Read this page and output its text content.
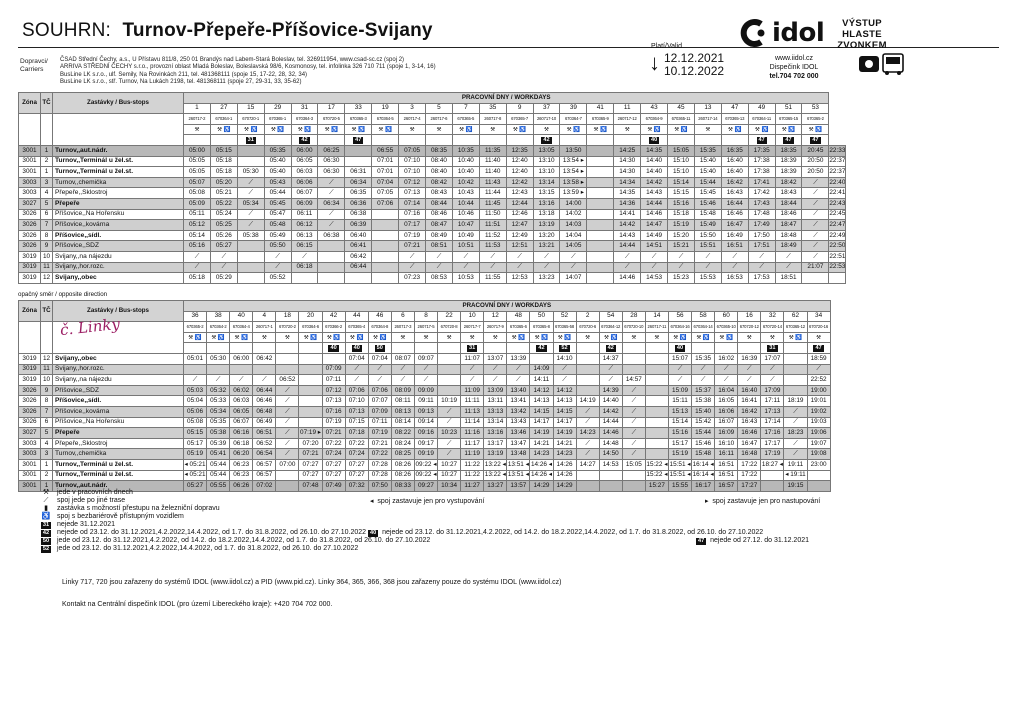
SOUHRN: Turnov-Přepeře-Příšovice-Svijany
Dopravci/ Carriers
ČSAD Střední Čechy, a.s., U Přístavu 811/8, 250 01 Brandýs nad Labem-Stará Boleslav, tel. 326911954, www.csad-sc.cz (spoj 2)
ARRIVA STŘEDNÍ ČECHY s.r.o., provozní oblast Mladá Boleslav, Boleslavská 98/6, Kosmonosy, tel. infolinka 326 710 711 (spoje 1, 3-14, 16)
BusLine LK s.r.o., ulf. Semily, Na Rovinkách 211, tel. 481368111 (spoje 15, 17-22, 28, 32, 34)
BusLine LK s.r.o., stř. Turnov, Na Lukách 2198, tel. 481368111 (spoje 27, 29-31, 33, 35-62)
Platí/Valid
↓ 12.12.2021
10.12.2022
idol
www.iidol.cz
Dispečink IDOL
tel.704 702 000
VÝSTUP HLASTE
ZVONKEM
Zóna	TČ	Zastávky / Bus-stops	PRACOVNÍ DNY / WORKDAYS																								
			1	27	15	29	31	17	33	19	3	5	7	35	9	37	39	41	11	43	45	13	47	49	51	53	
			260717-2	670364-1	670720-1	670365-1	670364-3	670720-5	670365-3	670364-5	260717-4	260717-6	670365-5	260717-8	670365-7	260717-10	670364-7	670365-9	260717-12	670364-9	670365-11	260717-14	670365-13	670364-11	670365-15	670365-2	
			⚒	⚒ ♿	⚒ ♿	⚒ ♿	⚒ ♿	⚒ ♿	⚒ ♿	⚒ ♿	⚒	⚒	⚒ ♿	⚒	⚒ ♿	⚒	⚒ ♿	⚒ ♿	⚒	⚒ ♿	⚒ ♿	⚒	⚒ ♿	⚒ ♿	⚒ ♿	⚒ ♿	
					31		42		47							42				40				47	47	47	
3001	1	Turnov,,aut.nádr.	05:00	05:15		05:35	06:00	06:25		06:55	07:05	08:35	10:35	11:35	12:35	13:05	13:50		14:25	14:35	15:05	15:35	16:35	17:35	18:35	20:45	22:33
3001	2	Turnov,,Terminál u žel.st.	05:05	05:18		05:40	06:05	06:30		07:01	07:10	08:40	10:40	11:40	12:40	13:10	13:54 ▸		14:30	14:40	15:10	15:40	16:40	17:38	18:39	20:50	22:37
3001	1	Turnov,,Terminál u žel.st.	05:05	05:18	05:30	05:40	06:03	06:30	06:31	07:01	07:10	08:40	10:40	11:40	12:40	13:10	13:54 ▸		14:30	14:40	15:10	15:40	16:40	17:38	18:39	20:50	22:37
3003	3	Turnov,,chemička	05:07	05:20	⟋	05:43	06:06	⟋	06:34	07:04	07:12	08:42	10:42	11:43	12:42	13:14	13:58 ▸		14:34	14:42	15:14	15:44	16:42	17:41	18:42	⟋	22:40
3003	4	Přepeře,,Sklostroj	05:08	05:21	⟋	05:44	06:07	⟋	06:35	07:05	07:13	08:43	10:43	11:44	12:43	13:15	13:59 ▸		14:35	14:43	15:15	15:45	16:43	17:42	18:43	⟋	22:41
3027	5	Přepeře	05:09	05:22	05:34	05:45	06:09	06:34	06:36	07:06	07:14	08:44	10:44	11:45	12:44	13:16	14:00		14:36	14:44	15:16	15:46	16:44	17:43	18:44	⟋	22:43
3026	6	Příšovice,,Na Hořensku	05:11	05:24	⟋	05:47	06:11	⟋	06:38		07:16	08:46	10:46	11:50	12:46	13:18	14:02		14:41	14:46	15:18	15:48	16:46	17:48	18:46	⟋	22:45
3026	7	Příšovice,,kovárna	05:12	05:25	⟋	05:48	06:12	⟋	06:39		07:17	08:47	10:47	11:51	12:47	13:19	14:03		14:42	14:47	15:19	15:49	16:47	17:49	18:47	⟋	22:47
3026	8	Příšovice,,sídl.	05:14	05:26	05:38	05:49	06:13	06:38	06:40		07:19	08:49	10:49	11:52	12:49	13:20	14:04		14:43	14:49	15:20	15:50	16:49	17:50	18:48	⟋	22:49
3026	9	Příšovice,,SDZ	05:16	05:27		05:50	06:15		06:41		07:21	08:51	10:51	11:53	12:51	13:21	14:05		14:44	14:51	15:21	15:51	16:51	17:51	18:49	⟋	22:50
3019	10	Svijany,,na nájezdu	⟋	⟋		⟋	⟋		06:42		⟋	⟋	⟋	⟋	⟋	⟋	⟋		⟋	⟋	⟋	⟋	⟋	⟋	⟋	⟋	22:51
3019	11	Svijany,,hor.rozc.	⟋	⟋		⟋	06:18		06:44		⟋	⟋	⟋	⟋	⟋	⟋	⟋		⟋	⟋	⟋	⟋	⟋	⟋	⟋	21:07	22:53
3019	12	Svijany,,obec	05:18	05:29		05:52					07:23	08:53	10:53	11:55	12:53	13:23	14:07		14:46	14:53	15:23	15:53	16:53	17:53	18:51		
opačný směr / opposite direction
Zóna	TČ	Zastávky / Bus-stops	PRACOVNÍ DNY / WORKDAYS																											
			36	38	40	4	18	20	42	44	46	6	8	22	10	12	48	50	52	2	54	28	14	56	58	60	16	32	62	34
			670365-2	670364-2	670364-4	260717-1	670720-2	670364-6	670366-2	670365-4	670364-8	260717-3	260717-5	670720-8	260717-7	260717-9	670365-6	670365-8	670365-58	670720-6	670364-12	670720-10	260717-11	670364-16	670364-14	670365-10	670720-12	670720-14	670365-12	670720-16
			⚒ ♿	⚒ ♿	⚒ ♿	⚒	⚒	⚒ ♿	⚒ ♿	⚒ ♿	⚒ ♿	⚒	⚒	⚒	⚒	⚒	⚒ ♿	⚒ ♿	⚒ ♿	⚒	⚒ ♿	⚒	⚒	⚒ ♿	⚒ ♿	⚒ ♿	⚒	⚒	⚒ ♿	⚒
									40	40	50				31			42	52		42			40				31		47
3019	12	Svijany,,obec	05:01	05:30	06:00	06:42				07:04	07:04	08:07	09:07		11:07	13:07	13:39		14:10		14:37			15:07	15:35	16:02	16:39	17:07		18:59
3019	11	Svijany,,hor.rozc.							07:09	⟋	⟋	⟋	⟋		⟋	⟋	⟋	14:09	⟋		⟋			⟋	⟋	⟋	⟋	⟋		⟋
3019	10	Svijany,,na nájezdu	⟋	⟋	⟋	⟋	06:52		07:11	⟋	⟋	⟋	⟋		⟋	⟋	⟋	14:11	⟋		⟋	14:57		⟋	⟋	⟋	⟋	⟋		22:52
3026	9	Příšovice,,SDZ	05:03	05:32	06:02	06:44	⟋		07:12	07:06	07:06	08:09	09:09		11:09	13:09	13:40	14:12	14:12		14:39	⟋		15:09	15:37	16:04	16:40	17:09		19:00
3026	8	Příšovice,,sídl.	05:04	05:33	06:03	06:46	⟋		07:13	07:10	07:07	08:11	09:11	10:19	11:11	13:11	13:41	14:13	14:13	14:19	14:40	⟋		15:11	15:38	16:05	16:41	17:11	18:19	19:01
3026	7	Příšovice,,kovárna	05:06	05:34	06:05	06:48	⟋		07:16	07:13	07:09	08:13	09:13	⟋	11:13	13:13	13:42	14:15	14:15	⟋	14:42	⟋		15:13	15:40	16:06	16:42	17:13	⟋	19:02
3026	6	Příšovice,,Na Hořensku	05:08	05:35	06:07	06:49	⟋		07:19	07:15	07:11	08:14	09:14	⟋	11:14	13:14	13:43	14:17	14:17	⟋	14:44	⟋		15:14	15:42	16:07	16:43	17:14	⟋	19:03
3027	5	Přepeře	05:15	05:38	06:16	06:51	⟋	07:19 ▸	07:21	07:18	07:19	08:22	09:16	10:23	11:16	13:16	13:46	14:19	14:19	14:23	14:46	⟋		15:16	15:44	16:09	16:46	17:16	18:23	19:06
3003	4	Přepeře,,Sklostroj	05:17	05:39	06:18	06:52	⟋	07:20	07:22	07:22	07:21	08:24	09:17	⟋	11:17	13:17	13:47	14:21	14:21	⟋	14:48	⟋		15:17	15:46	16:10	16:47	17:17	⟋	19:07
3003	3	Turnov,,chemička	05:19	05:41	06:20	06:54	⟋	07:21	07:24	07:24	07:22	08:25	09:19	⟋	11:19	13:19	13:48	14:23	14:23	⟋	14:50	⟋		15:19	15:48	16:11	16:48	17:19	⟋	19:08
3001	1	Turnov,,Terminál u žel.st.	◂ 05:21	05:44	06:23	06:57	07:00	07:27	07:27	07:27	07:28	08:26	09:22 ◂	10:27	11:22	13:22 ◂	13:51 ◂	14:26 ◂	14:26	14:27	14:53	15:05	15:22 ◂	15:51 ◂	16:14 ◂	16:51	17:22	18:27 ◂	19:11	23:00
3001	2	Turnov,,Terminál u žel.st.	◂ 05:21	05:44	06:23	06:57		07:27	07:27	07:27	07:28	08:26	09:22 ◂	10:27	11:22	13:22 ◂	13:51 ◂	14:26 ◂	14:26				15:22 ◂	15:51 ◂	16:14 ◂	16:51	17:22		◂ 19:11	
3001	1	Turnov,,aut.nádr.	05:27	05:55	06:26	07:02		07:48	07:49	07:32	07:50	08:33	09:27	10:34	11:27	13:27	13:57	14:29	14:29				15:27	15:55	16:17	16:57	17:27		19:15	
č. Linky
⚒ jede v pracovních dnech
⟋ spoj jede po jiné trase
▮ zastávka s možností přestupu na železniční dopravu
♿ spoj s bezbariérově přístupným vozidlem
31 nejede 31.12.2021
42 nejede od 23.12. do 31.12.2021,4.2.2022,14.4.2022, od 1.7. do 31.8.2022, od 26.10. do 27.10.2022
50 jede od 23.12. do 31.12.2021,4.2.2022, od 14.2. do 18.2.2022,14.4.2022, od 1.7. do 31.8.2022, od 26.10. do 27.10.2022
52 jede od 23.12. do 31.12.2021,4.2.2022,14.4.2022, od 1.7. do 31.8.2022, od 26.10. do 27.10.2022
◂  spoj zastavuje jen pro vystupování	▸  spoj zastavuje jen pro nastupování
40 nejede od 23.12. do 31.12.2021,4.2.2022, od 14.2. do 18.2.2022,14.4.2022, od 1.7. do 31.8.2022, od 26.10. do 27.10.2022
47 nejede od 27.12. do 31.12.2021
Linky 717, 720 jsou zařazeny do systémů IDOL (www.iidol.cz) a PID (www.pid.cz). Linky 364, 365, 366, 368 jsou zařazeny pouze do systému IDOL (www.iidol.cz)
Kontakt na Centrální dispečink IDOL (pro území Libereckého kraje): +420 704 702 000.
